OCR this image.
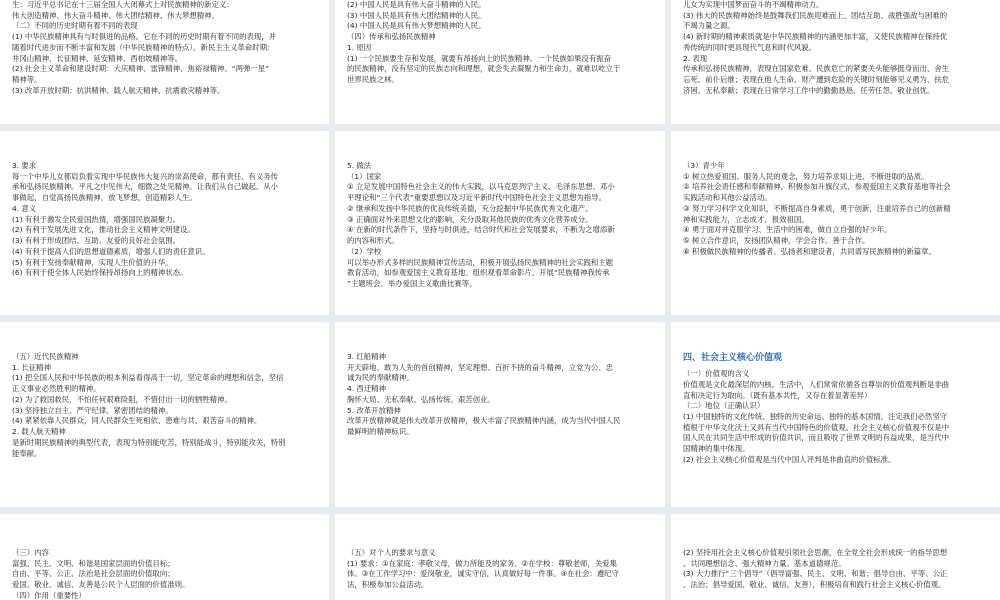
生：习近平总书记在十三届全国人大闭幕式上对民族精神的新定义：
伟大创造精神、伟大奋斗精神、伟大团结精神、伟大梦想精神。
（二）不同的历史时期有着不同的表现
(1) 中华民族精神具有与时俱进的品格。它在不同的历史时期有着不同的表现，并
随着时代进步而不断丰富和发展（中华民族精神的特点）。新民主主义革命时期：
井冈山精神、长征精神、延安精神、西柏坡精神等。
(2) 社会主义革命和建设时期：大庆精神、雷锋精神、焦裕禄精神、“两弹一星”
精神等。
(3) 改革开放时期：抗洪精神、载人航天精神、抗震救灾精神等。
(2) 中国人民是具有伟大奋斗精神的人民。
(3) 中国人民是具有伟大团结精神的人民。
(4) 中国人民是具有伟大梦想精神的人民。
（四）传承和弘扬民族精神
1. 原因
(1) 一个民族要生存和发展，就要有昂扬向上的民族精神。一个民族如果没有振奋
的民族精神，没有坚定的民族志向和理想，就会失去凝聚力和生命力，就难以屹立于
世界民族之林。
儿女为实现中国梦而奋斗的不竭精神动力。
(3) 伟大的民族精神始终是鼓舞我们民族迎难而上、团结互助、战胜强敌与困难的
不竭力量之源。
(4) 新时期的精神素质就是中华民族精神的内涵更加丰富，又使民族精神在保持优
秀传统的同时更具现代气息和时代风貌。
2. 表现
传承和弘扬民族精神，表现在国家危难、民族危亡的紧要关头能够挺身而出、舍生
忘死、前仆后继；表现在他人生命、财产遭到危险的关键时刻能够见义勇为、扶危
济困、无私奉献；表现在日常学习工作中的勤勤恳恳、任劳任怨、敬业创优。
3. 要求
每一个中华儿女都肩负着实现中华民族伟大复兴的崇高使命，都有责任、有义务传
承和弘扬民族精神。平凡之中见伟大，细微之处见精神。让我们从自己做起、从小
事做起，自觉高扬民族精神，放飞梦想，创造精彩人生。
4. 意义
(1) 有利于激发全民爱国热情，增强国民族凝聚力。
(2) 有利于发展先进文化，推动社会主义精神文明建设。
(3) 有利于形成团结、互助、友爱的良好社会氛围。
(4) 有利于提高人们的思想道德素质，增强人们的责任意识。
(5) 有利于发扬奉献精神，实现人生价值的升华。
(6) 有利于使全体人民始终保持昂扬向上的精神状态。
5. 做法
（1）国家
① 立足发展中国特色社会主义的伟大实践，以马克思列宁主义、毛泽东思想、邓小
平理论和“三个代表”重要思想以及习近平新时代中国特色社会主义思想为指导。
② 继承和发扬中华民族的优良传统美德，充分挖掘中华民族优秀文化遗产。
③ 正确面对外来思想文化的影响，充分汲取其他民族的优秀文化营养成分。
④ 在新的时代条件下，坚持与时俱进，结合时代和社会发展要求，不断为之增添新
的内容和形式。
（2）学校
可以举办形式多样的民族精神宣传活动，积极开展弘扬民族精神的社会实践和主题
教育活动，如参观爱国主义教育基地、组织观看革命影片、开展“民族精神我传承
”主题班会、举办爱国主义歌曲比赛等。
（3）青少年
① 树立热爱祖国、服务人民的观念，努力培养求知上进、不断进取的品质。
② 培养社会责任感和奉献精神，积极参加升旗仪式、参观爱国主义教育基地等社会
实践活动和其他公益活动。
③ 努力学习科学文化知识，不断提高自身素质，勇于创新，注重培养自己的创新精
神和实践能力，立志成才、报效祖国。
④ 勇于面对并克服学习、生活中的困难，做自立自强的好少年。
⑤ 树立合作意识，发扬团队精神，学会合作、善于合作。
⑥ 积极做民族精神的传播者、弘扬者和建设者，共同谱写民族精神的新篇章。
（五）近代民族精神
1. 长征精神
(1) 把全国人民和中华民族的根本利益看得高于一切，坚定革命的理想和信念，坚信
正义事业必然胜利的精神。
(2) 为了救国救民，不怕任何艰难险阻，不惜付出一切的牺牲精神。
(3) 坚持独立自主、严守纪律、紧密团结的精神。
(4) 紧紧依靠人民群众，同人民群众生死相依、患难与共、艰苦奋斗的精神。
2. 载人航天精神
是新时期民族精神的典型代表，表现为特别能吃苦，特别能战斗，特别能攻关，特别
能奉献。
3. 红船精神
开天辟地、敢为人先的首创精神，坚定理想、百折不挠的奋斗精神，立党为公、忠
诚为民的奉献精神。
4. 西迁精神
胸怀大局、无私奉献、弘扬传统、艰苦创业。
5. 改革开放精神
改革开放精神就是伟大改革开放精神，极大丰富了民族精神内涵，成为当代中国人民
最鲜明的精神标识。
四、社会主义核心价值观
（一）价值观的含义
价值观是文化最深层的内核。生活中，人们常常依循各自尊崇的价值观判断是非曲
直和决定行为取向。（既有基本共性，又存在着显著差异）
（二）地位（正确认识）
(1) 中国独特的文化传统、独特的历史命运、独特的基本国情，注定我们必然坚守
植根于中华文化沃土又具有当代中国特色的价值观。社会主义核心价值观不仅是中
国人民在共同生活中形成的价值共识，而且吸收了世界文明的有益成果，是当代中
国精神的集中体现。
(2) 社会主义核心价值观是当代中国人评判是非曲直的价值标准。
（三）内容
富强、民主、文明、和谐是国家层面的价值目标；
自由、平等、公正、法治是社会层面的价值取向；
爱国、敬业、诚信、友善是公民个人层面的价值准则。
（四）作用（重要性）
（五）对个人的要求与意义
(1) 要求：①在家庭：孝敬父母，做力所能及的家务。②在学校：尊敬老师，关爱集
体。③在工作学习中：爱岗敬业，诚实守信，认真做好每一件事。④在社会：遵纪守
法，积极参加公益活动。
(2) 坚持用社会主义核心价值观引领社会思潮，在全党全社会形成统一的指导思想
、共同理想信念、强大精神力量、基本道德规范。
(3) 大力推行“三个倡导”（倡导富强、民主、文明、和谐；倡导自由、平等、公正
、法治；倡导爱国、敬业、诚信、友善），积极培育和践行社会主义核心价值观。
